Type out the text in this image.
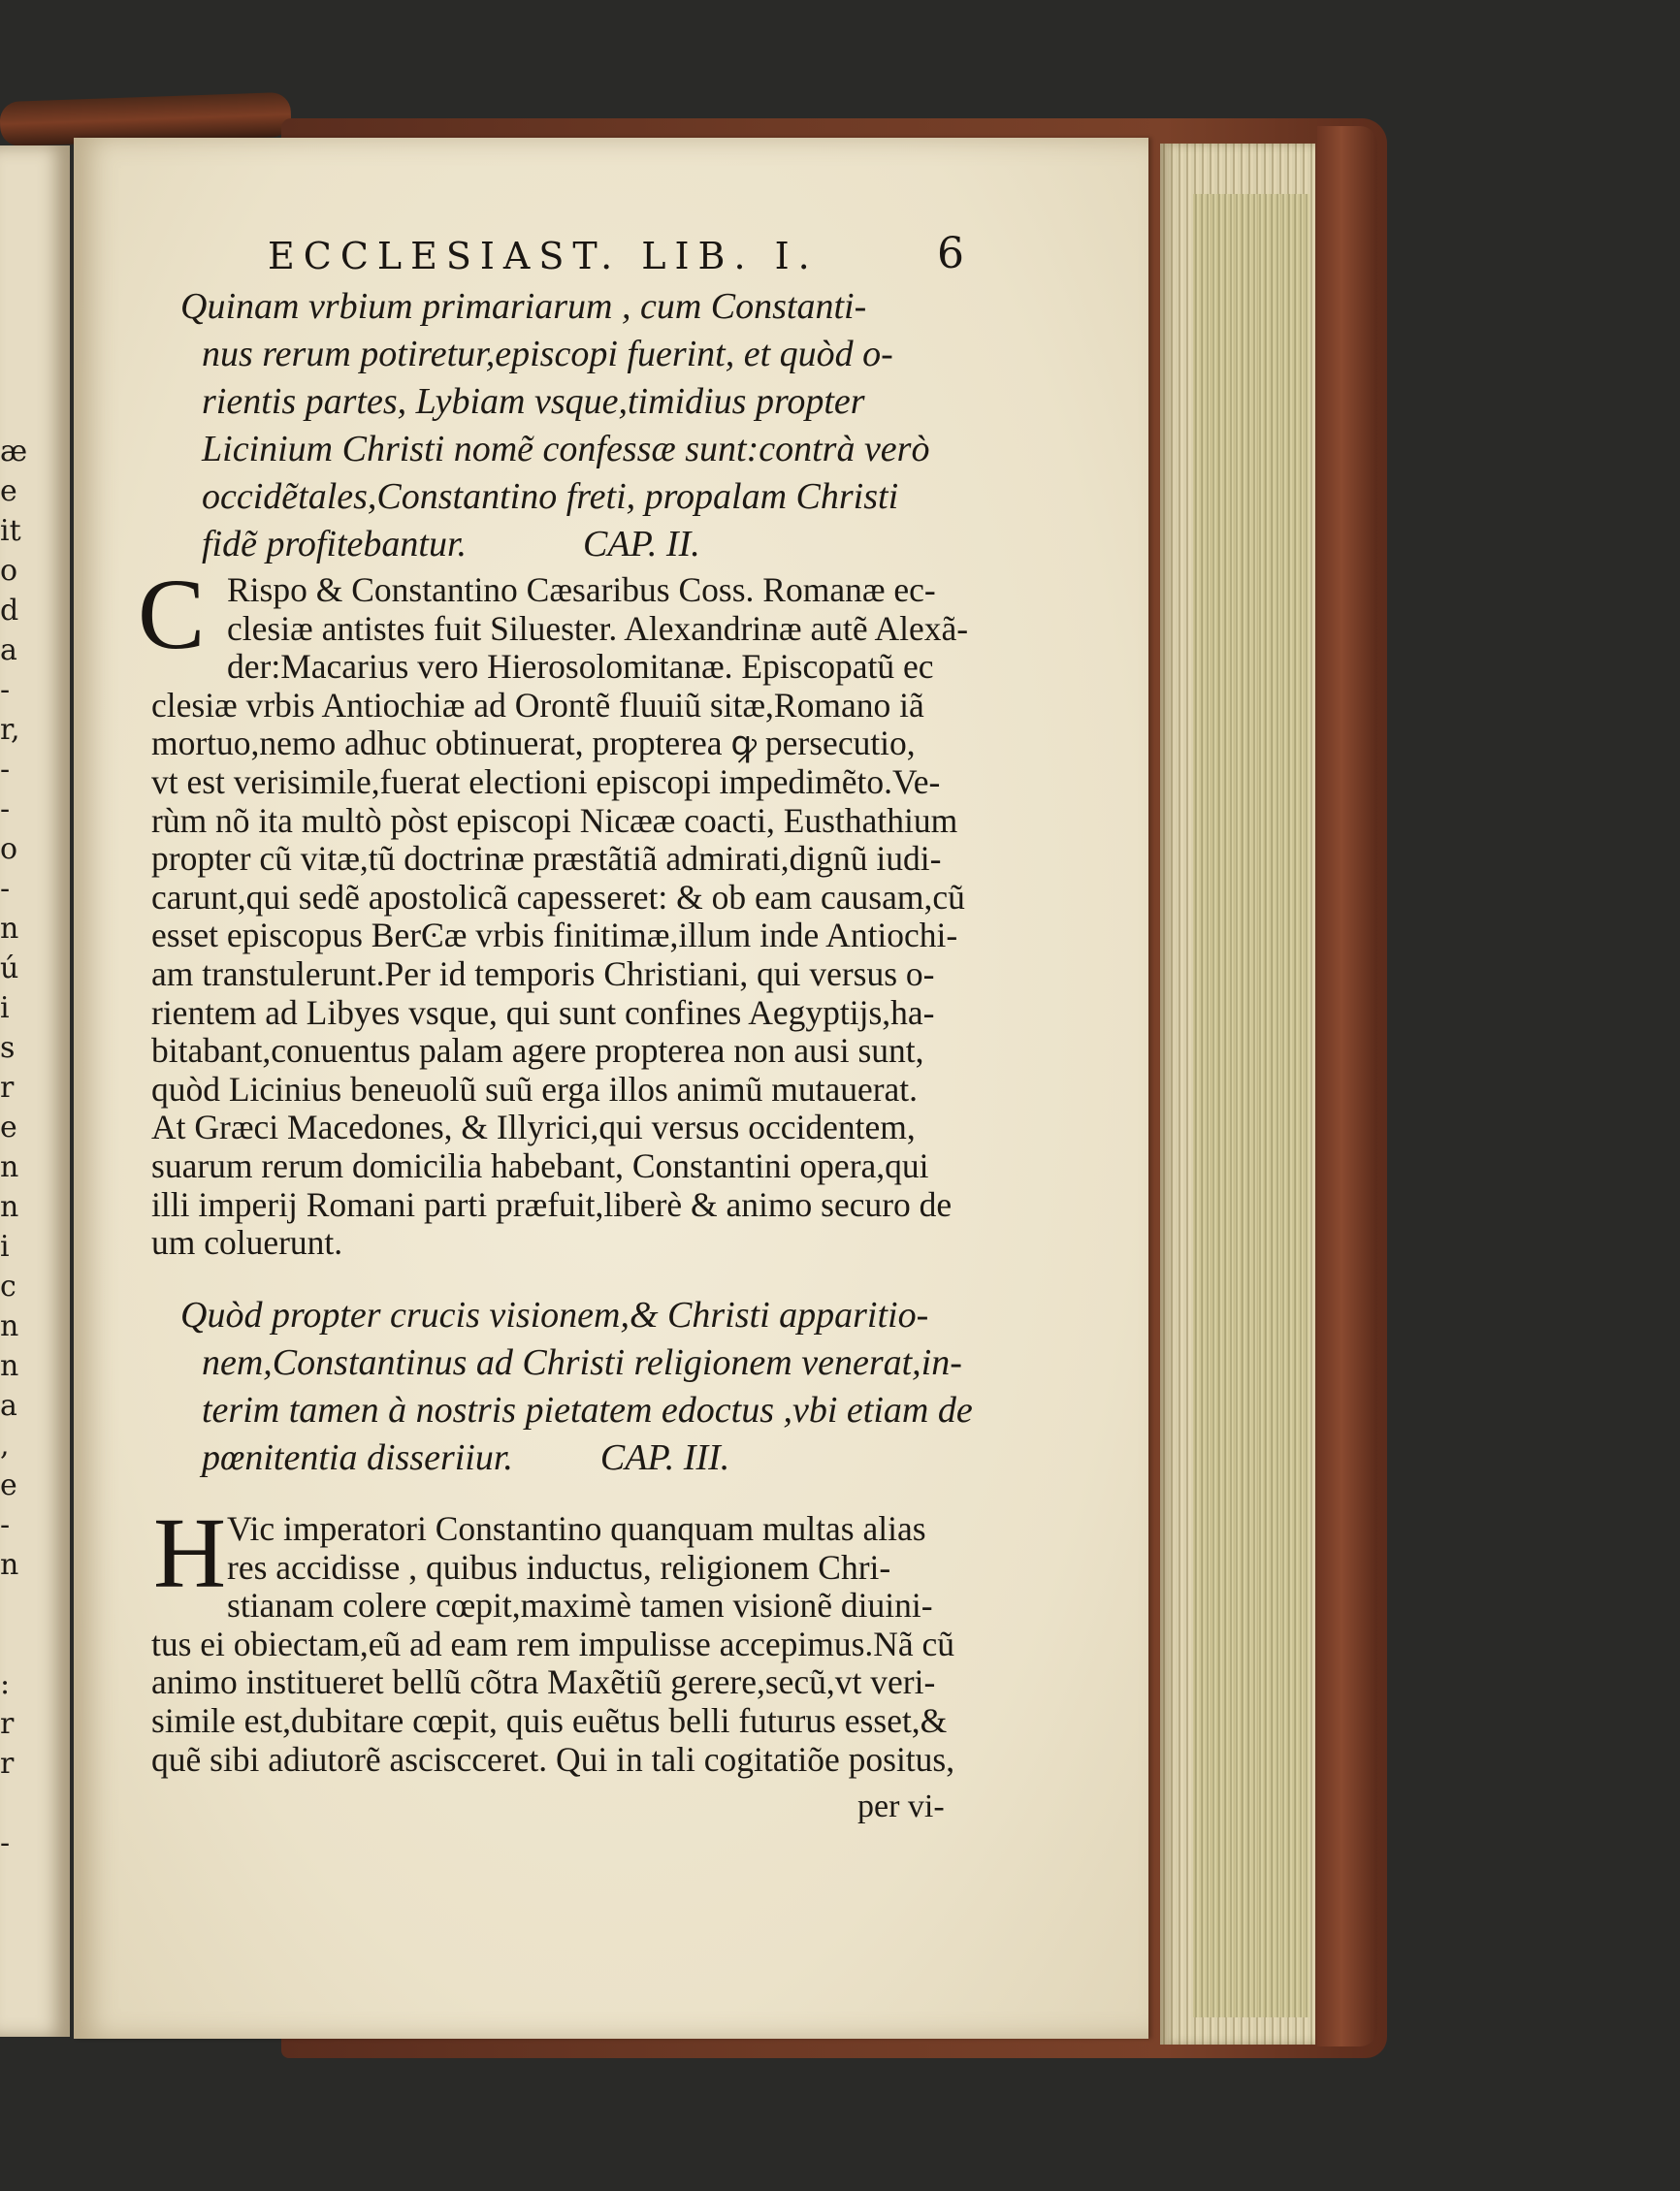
æ
e
it
o
d
a
-
r,
-
-
o
-
n
ú
i
s
r
e
n
n
i
c
n
n
a
,
e
-
n
:
r
r
-
ECCLESIAST. LIB. I.	6
Quinam vrbium primariarum , cum Constanti-
nus rerum potiretur,episcopi fuerint, et quòd o-
rientis partes, Lybiam vsque,timidius propter
Licinium Christi nomẽ confessæ sunt:contrà verò
occidẽtales,Constantino freti, propalam Christi
fidẽ profitebantur.	CAP. II.
C Rispo & Constantino Cæsaribus Coss. Romanæ ec-
clesiæ antistes fuit Siluester. Alexandrinæ autẽ Alexã-
der:Macarius vero Hierosolomitanæ. Episcopatũ ec
clesiæ vrbis Antiochiæ ad Orontẽ fluuiũ sitæ,Romano iã
mortuo,nemo adhuc obtinuerat, propterea ꝙ persecutio,
vt est verisimile,fuerat electioni episcopi impedimẽto.Ve-
rùm nõ ita multò pòst episcopi Nicææ coacti, Eusthathium
propter cũ vitæ,tũ doctrinæ præstãtiã admirati,dignũ iudi-
carunt,qui sedẽ apostolicã capesseret: & ob eam causam,cũ
esset episcopus BerϾæ vrbis finitimæ,illum inde Antiochi-
am transtulerunt.Per id temporis Christiani, qui versus o-
rientem ad Libyes vsque, qui sunt confines Aegyptijs,ha-
bitabant,conuentus palam agere propterea non ausi sunt,
quòd Licinius beneuolũ suũ erga illos animũ mutauerat.
At Græci Macedones, & Illyrici,qui versus occidentem,
suarum rerum domicilia habebant, Constantini opera,qui
illi imperij Romani parti præfuit,liberè & animo securo de
um coluerunt.
Quòd propter crucis visionem,& Christi apparitio-
nem,Constantinus ad Christi religionem venerat,in-
terim tamen à nostris pietatem edoctus ,vbi etiam de
pœnitentia disseriiur. CAP. III.
H Vic imperatori Constantino quanquam multas alias
res accidisse , quibus inductus, religionem Chri-
stianam colere cœpit,maximè tamen visionẽ diuini-
tus ei obiectam,eũ ad eam rem impulisse accepimus.Nã cũ
animo institueret bellũ cõtra Maxẽtiũ gerere,secũ,vt veri-
simile est,dubitare cœpit, quis euẽtus belli futurus esset,&
quẽ sibi adiutorẽ asciscceret. Qui in tali cogitatiõe positus,
per vi-
